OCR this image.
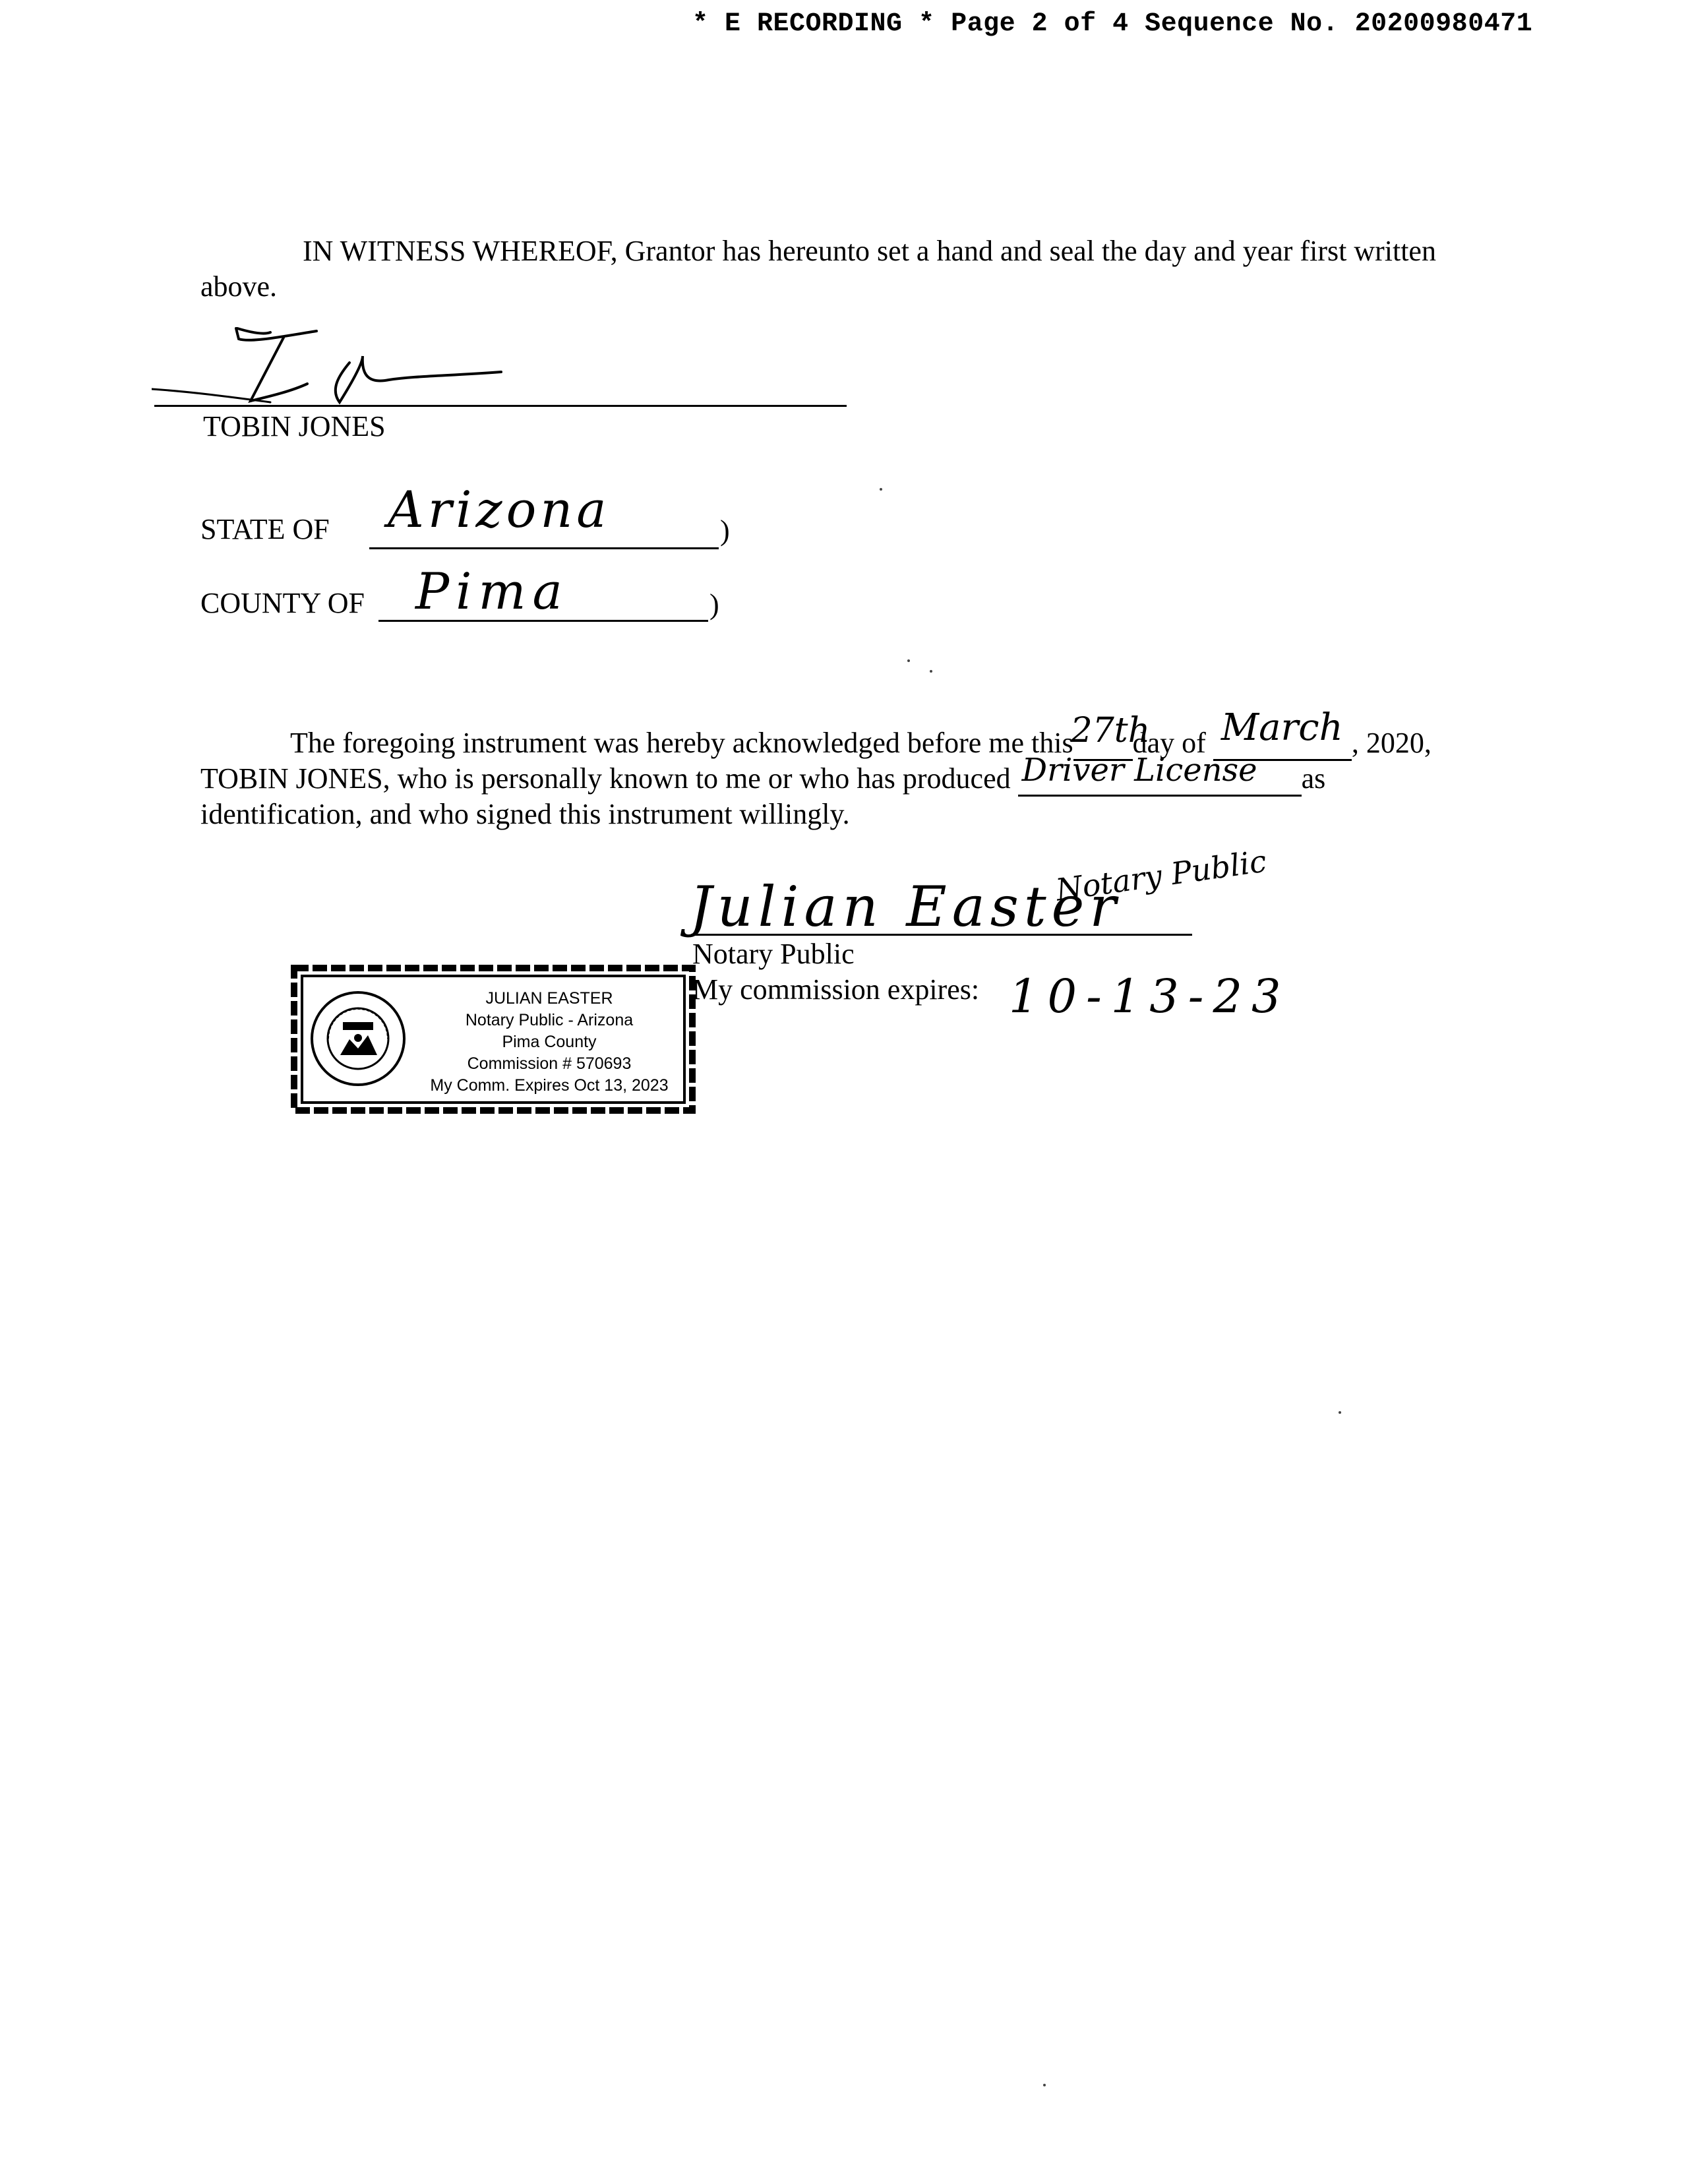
* E RECORDING * Page 2 of 4 Sequence No. 20200980471
IN WITNESS WHEREOF, Grantor has hereunto set a hand and seal the day and year first written above.
TOBIN JONES
STATE OF	)
Arizona
COUNTY OF	)
Pima
The foregoing instrument was hereby acknowledged before me this
27th
day of March , 2020,
TOBIN JONES, who is personally known to me or who has produced Driver License as
identification, and who signed this instrument willingly.
Julian Easter
Notary Public
Notary Public
My commission expires: 10-13-23
JULIAN EASTER
Notary Public - Arizona
Pima County
Commission # 570693
My Comm. Expires Oct 13, 2023
